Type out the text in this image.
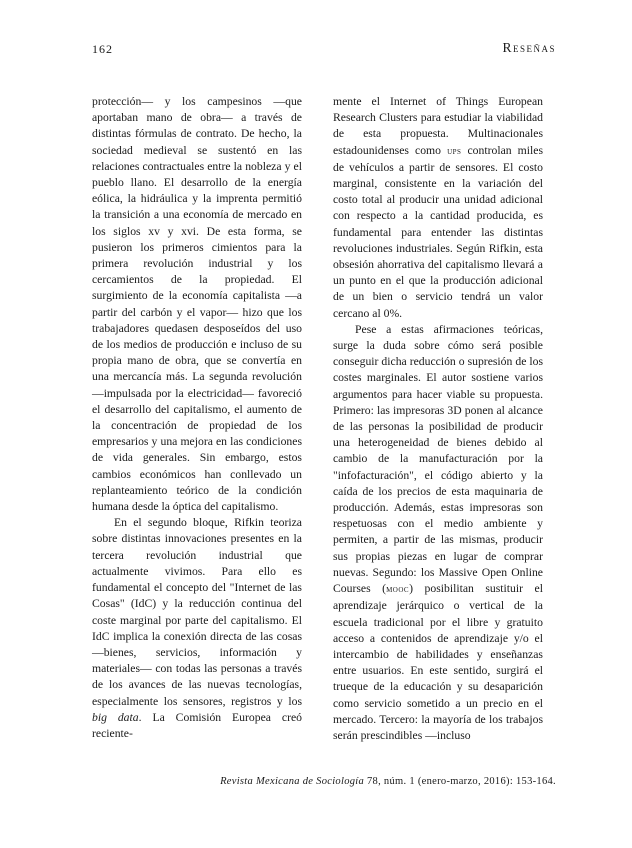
162	Reseñas

protección— y los campesinos —que aportaban mano de obra— a través de distintas fórmulas de contrato. De hecho, la sociedad medieval se sustentó en las relaciones contractuales entre la nobleza y el pueblo llano. El desarrollo de la energía eólica, la hidráulica y la imprenta permitió la transición a una economía de mercado en los siglos xv y xvi. De esta forma, se pusieron los primeros cimientos para la primera revolución industrial y los cercamientos de la propiedad. El surgimiento de la economía capitalista —a partir del carbón y el vapor— hizo que los trabajadores quedasen desposeídos del uso de los medios de producción e incluso de su propia mano de obra, que se convertía en una mercancía más. La segunda revolución —impulsada por la electricidad— favoreció el desarrollo del capitalismo, el aumento de la concentración de propiedad de los empresarios y una mejora en las condiciones de vida generales. Sin embargo, estos cambios económicos han conllevado un replanteamiento teórico de la condición humana desde la óptica del capitalismo.

En el segundo bloque, Rifkin teoriza sobre distintas innovaciones presentes en la tercera revolución industrial que actualmente vivimos. Para ello es fundamental el concepto del "Internet de las Cosas" (IdC) y la reducción continua del coste marginal por parte del capitalismo. El IdC implica la conexión directa de las cosas —bienes, servicios, información y materiales— con todas las personas a través de los avances de las nuevas tecnologías, especialmente los sensores, registros y los big data. La Comisión Europea creó reciente-

mente el Internet of Things European Research Clusters para estudiar la viabilidad de esta propuesta. Multinacionales estadounidenses como ups controlan miles de vehículos a partir de sensores. El costo marginal, consistente en la variación del costo total al producir una unidad adicional con respecto a la cantidad producida, es fundamental para entender las distintas revoluciones industriales. Según Rifkin, esta obsesión ahorrativa del capitalismo llevará a un punto en el que la producción adicional de un bien o servicio tendrá un valor cercano al 0%.

Pese a estas afirmaciones teóricas, surge la duda sobre cómo será posible conseguir dicha reducción o supresión de los costes marginales. El autor sostiene varios argumentos para hacer viable su propuesta. Primero: las impresoras 3D ponen al alcance de las personas la posibilidad de producir una heterogeneidad de bienes debido al cambio de la manufacturación por la "infofacturación", el código abierto y la caída de los precios de esta maquinaria de producción. Además, estas impresoras son respetuosas con el medio ambiente y permiten, a partir de las mismas, producir sus propias piezas en lugar de comprar nuevas. Segundo: los Massive Open Online Courses (mooc) posibilitan sustituir el aprendizaje jerárquico o vertical de la escuela tradicional por el libre y gratuito acceso a contenidos de aprendizaje y/o el intercambio de habilidades y enseñanzas entre usuarios. En este sentido, surgirá el trueque de la educación y su desaparición como servicio sometido a un precio en el mercado. Tercero: la mayoría de los trabajos serán prescindibles —incluso

Revista Mexicana de Sociología 78, núm. 1 (enero-marzo, 2016): 153-164.
